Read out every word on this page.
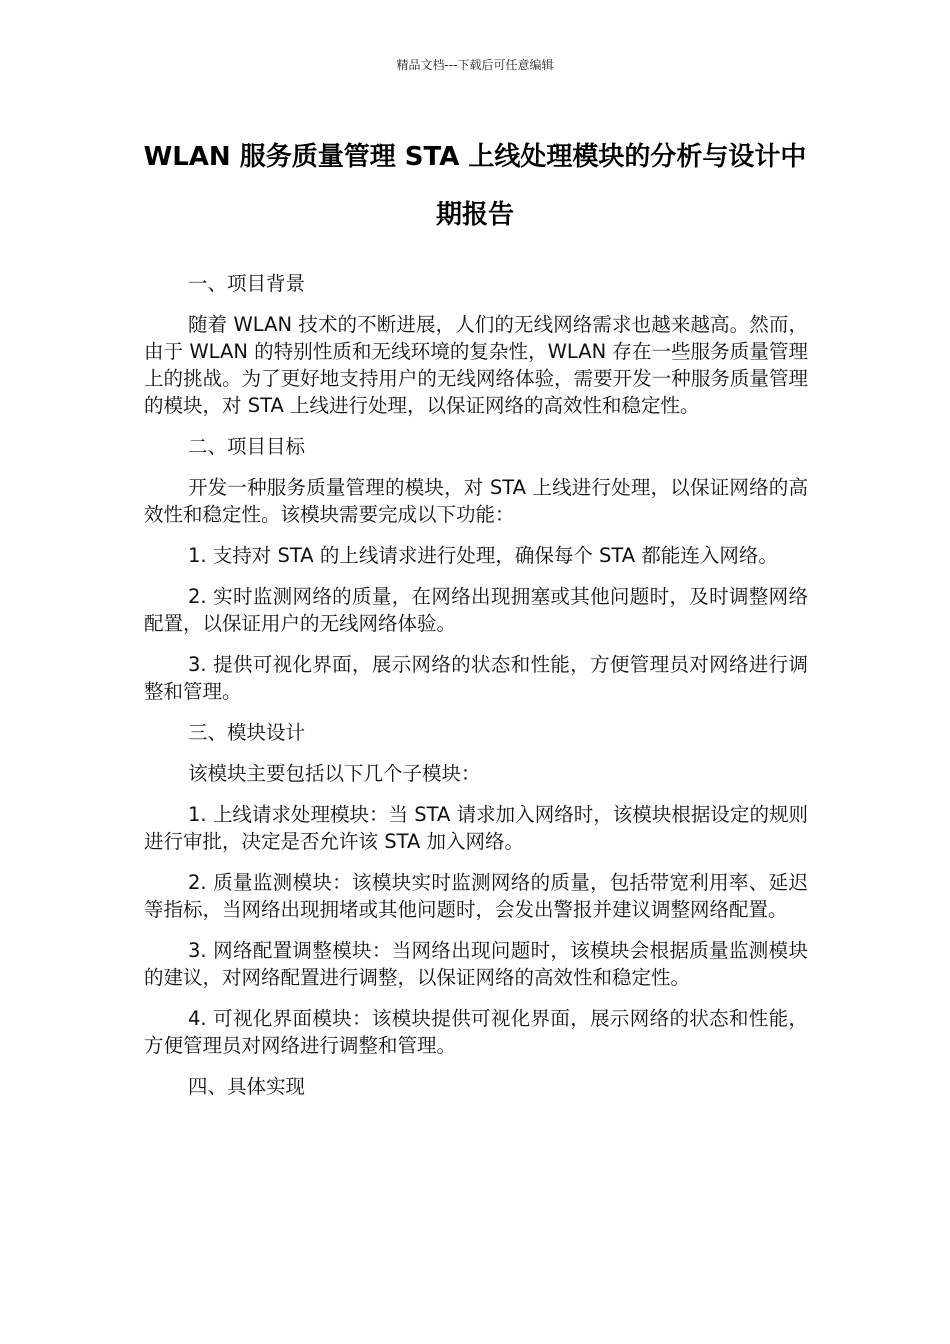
精品文档---下载后可任意编辑
WLAN 服务质量管理 STA 上线处理模块的分析与设计中期报告

一、项目背景

随着 WLAN 技术的不断进展，人们的无线网络需求也越来越高。然而，由于 WLAN 的特别性质和无线环境的复杂性，WLAN 存在一些服务质量管理上的挑战。为了更好地支持用户的无线网络体验，需要开发一种服务质量管理的模块，对 STA 上线进行处理，以保证网络的高效性和稳定性。

二、项目目标

开发一种服务质量管理的模块，对 STA 上线进行处理，以保证网络的高效性和稳定性。该模块需要完成以下功能：

1. 支持对 STA 的上线请求进行处理，确保每个 STA 都能连入网络。

2. 实时监测网络的质量，在网络出现拥塞或其他问题时，及时调整网络配置，以保证用户的无线网络体验。

3. 提供可视化界面，展示网络的状态和性能，方便管理员对网络进行调整和管理。

三、模块设计

该模块主要包括以下几个子模块：

1. 上线请求处理模块：当 STA 请求加入网络时，该模块根据设定的规则进行审批，决定是否允许该 STA 加入网络。

2. 质量监测模块：该模块实时监测网络的质量，包括带宽利用率、延迟等指标，当网络出现拥堵或其他问题时，会发出警报并建议调整网络配置。

3. 网络配置调整模块：当网络出现问题时，该模块会根据质量监测模块的建议，对网络配置进行调整，以保证网络的高效性和稳定性。

4. 可视化界面模块：该模块提供可视化界面，展示网络的状态和性能，方便管理员对网络进行调整和管理。

四、具体实现
